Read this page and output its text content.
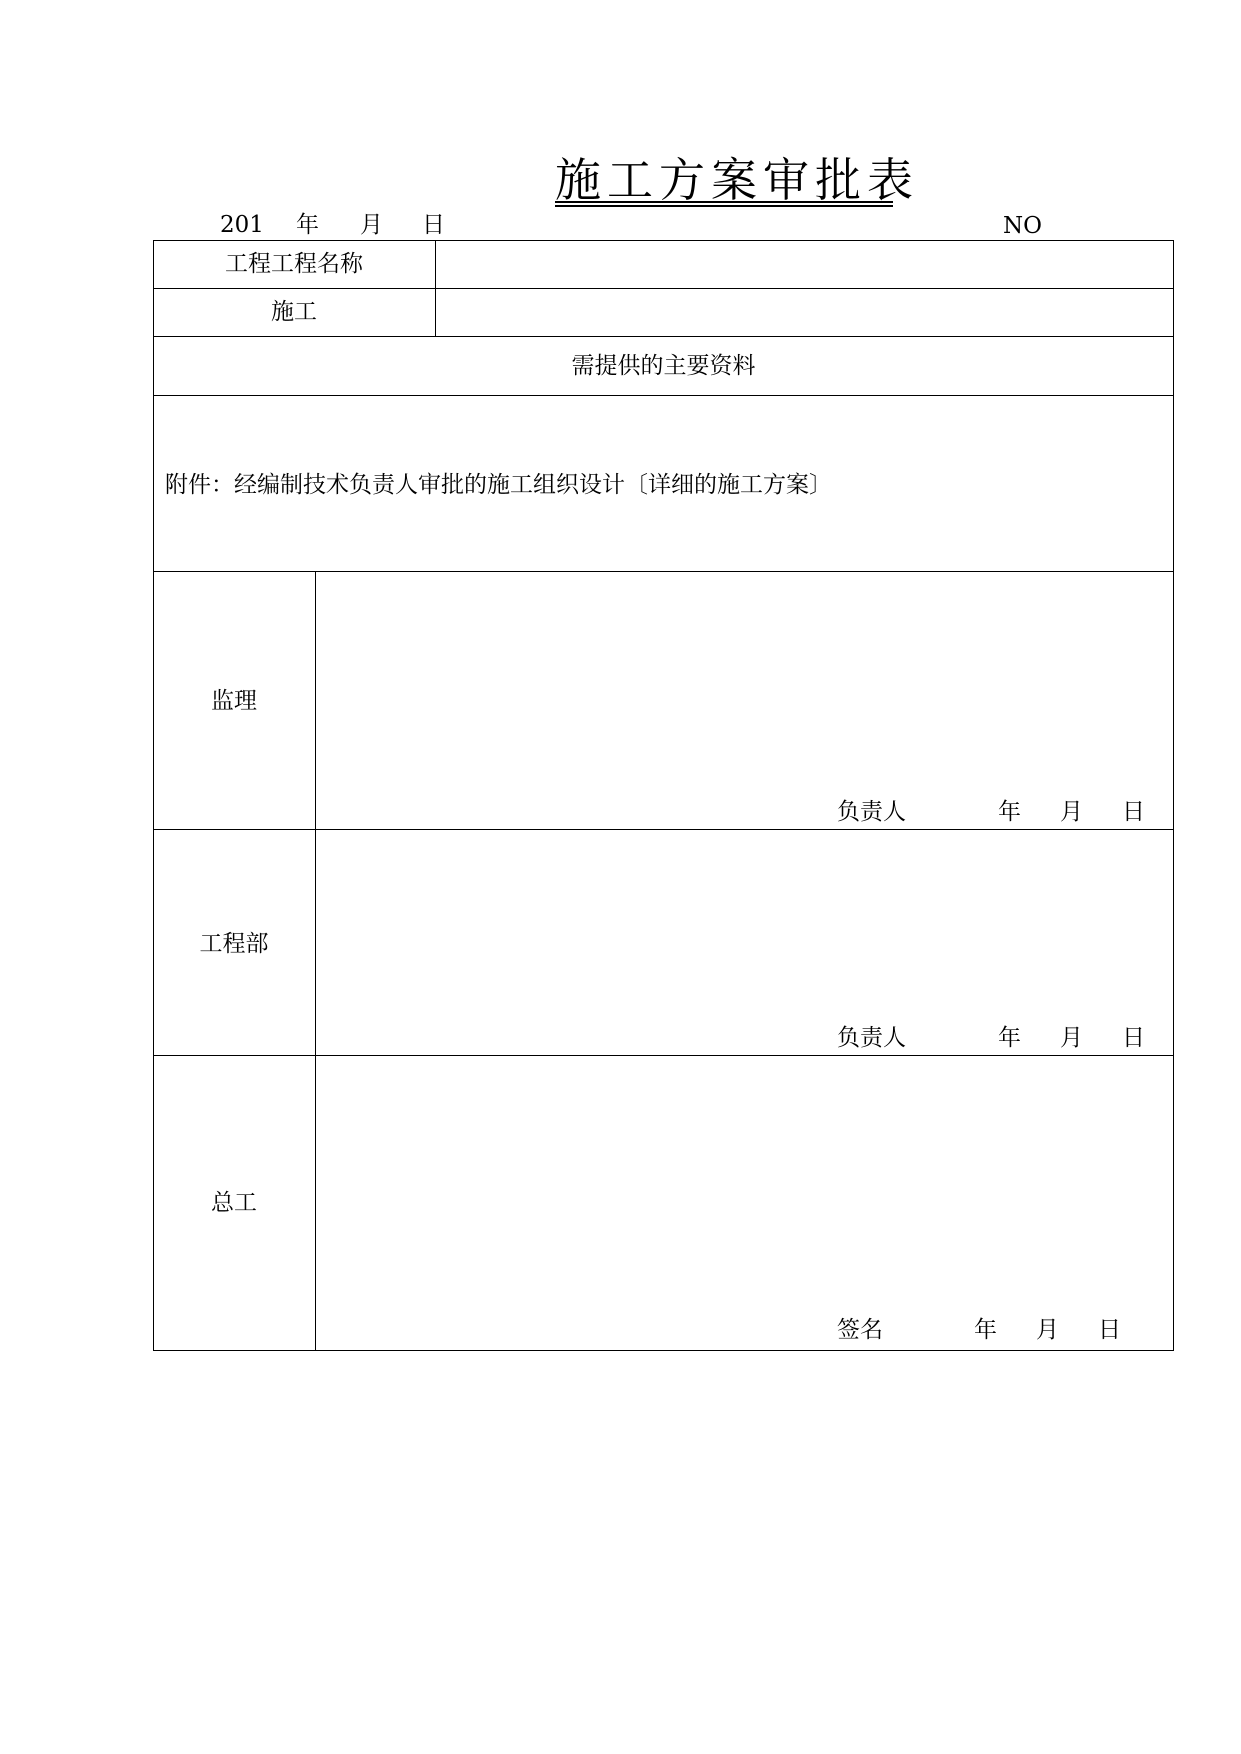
施工方案审批表
201 年 月 日	NO
工程工程名称
施工
需提供的主要资料
附件：经编制技术负责人审批的施工组织设计〔详细的施工方案〕
监理
负责人	年 月 日
工程部
负责人	年 月 日
总工
签名	年 月 日
